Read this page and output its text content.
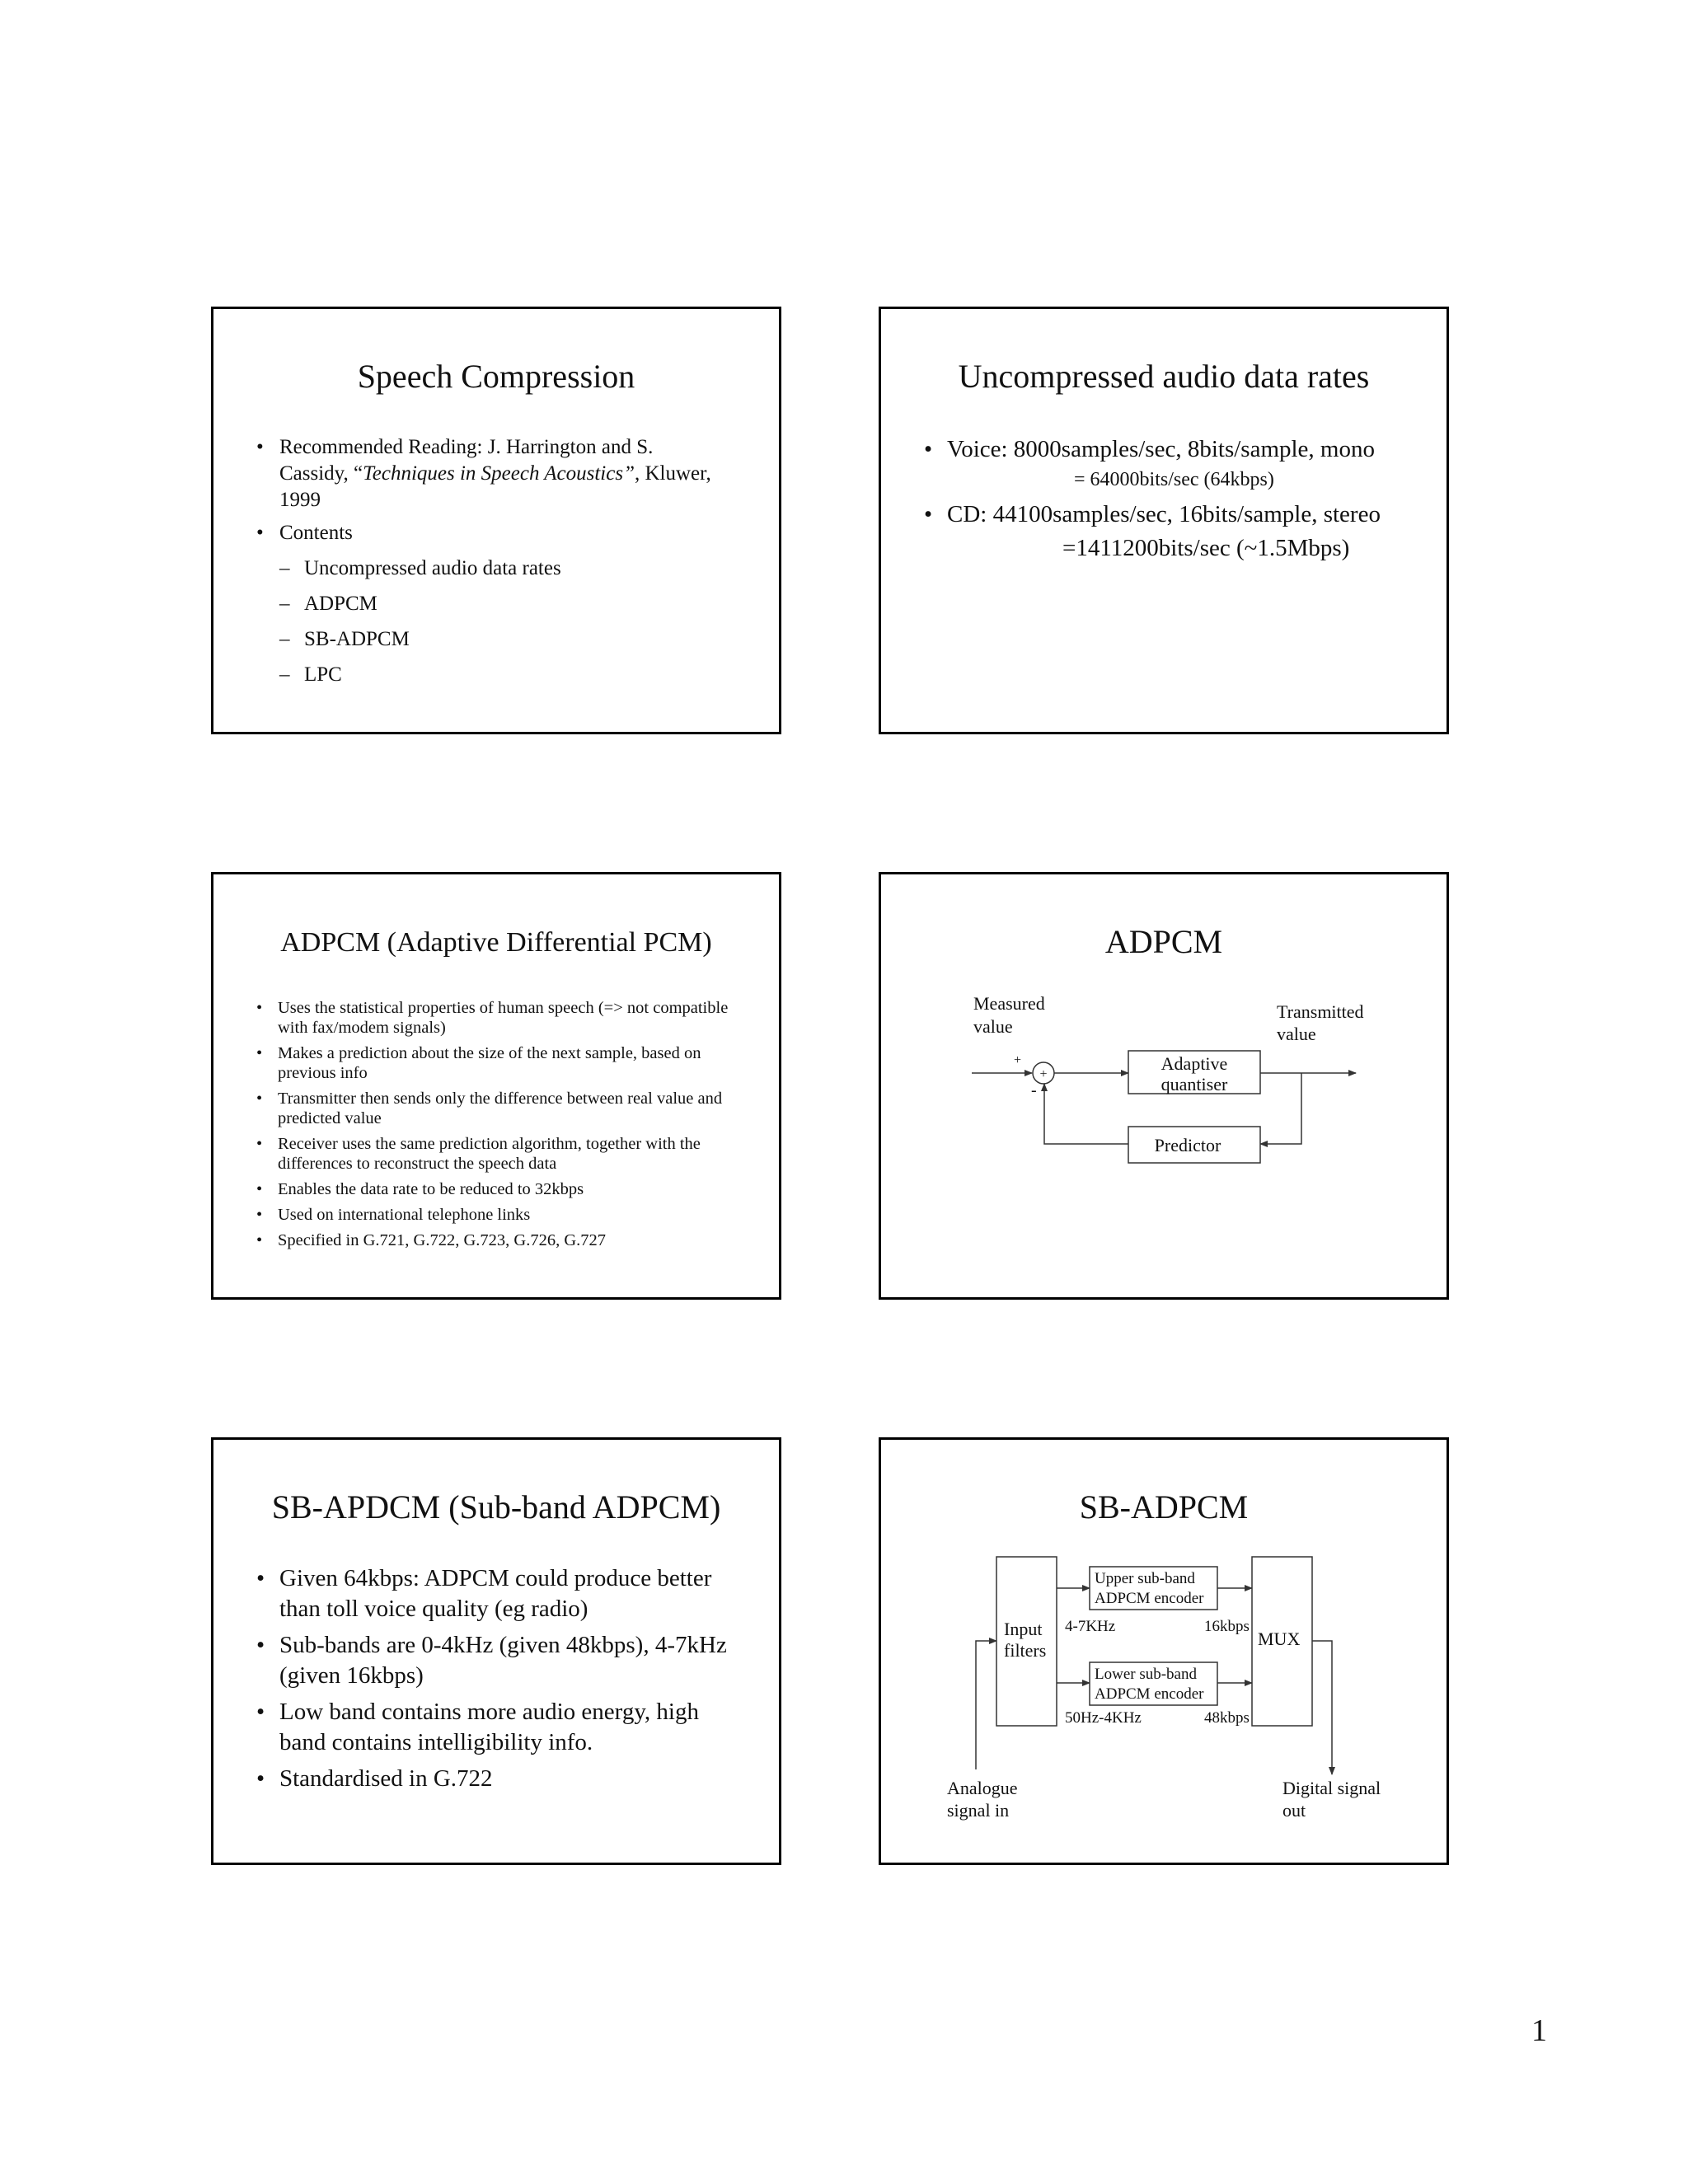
Speech Compression
• Recommended Reading: J. Harrington and S. Cassidy, “Techniques in Speech Acoustics”, Kluwer, 1999
• Contents
– Uncompressed audio data rates
– ADPCM
– SB-ADPCM
– LPC
Uncompressed audio data rates
• Voice: 8000samples/sec, 8bits/sample, mono
= 64000bits/sec (64kbps)
• CD: 44100samples/sec, 16bits/sample, stereo
=1411200bits/sec (~1.5Mbps)
ADPCM (Adaptive Differential PCM)
• Uses the statistical properties of human speech (=> not compatible with fax/modem signals)
• Makes a prediction about the size of the next sample, based on previous info
• Transmitter then sends only the difference between real value and predicted value
• Receiver uses the same prediction algorithm, together with the differences to reconstruct the speech data
• Enables the data rate to be reduced to 32kbps
• Used on international telephone links
• Specified in G.721, G.722, G.723, G.726, G.727
ADPCM
Measured
value
Transmitted
value
+
-
+
Adaptive
quantiser
Predictor
SB-APDCM (Sub-band ADPCM)
• Given 64kbps: ADPCM could produce better than toll voice quality (eg radio)
• Sub-bands are 0-4kHz (given 48kbps), 4-7kHz (given 16kbps)
• Low band contains more audio energy, high band contains intelligibility info.
• Standardised in G.722
SB-ADPCM
Input
filters
Upper sub-band
ADPCM encoder
Lower sub-band
ADPCM encoder
4-7KHz	16kbps
50Hz-4KHz	48kbps
MUX
Analogue
signal in
Digital signal
out
1
